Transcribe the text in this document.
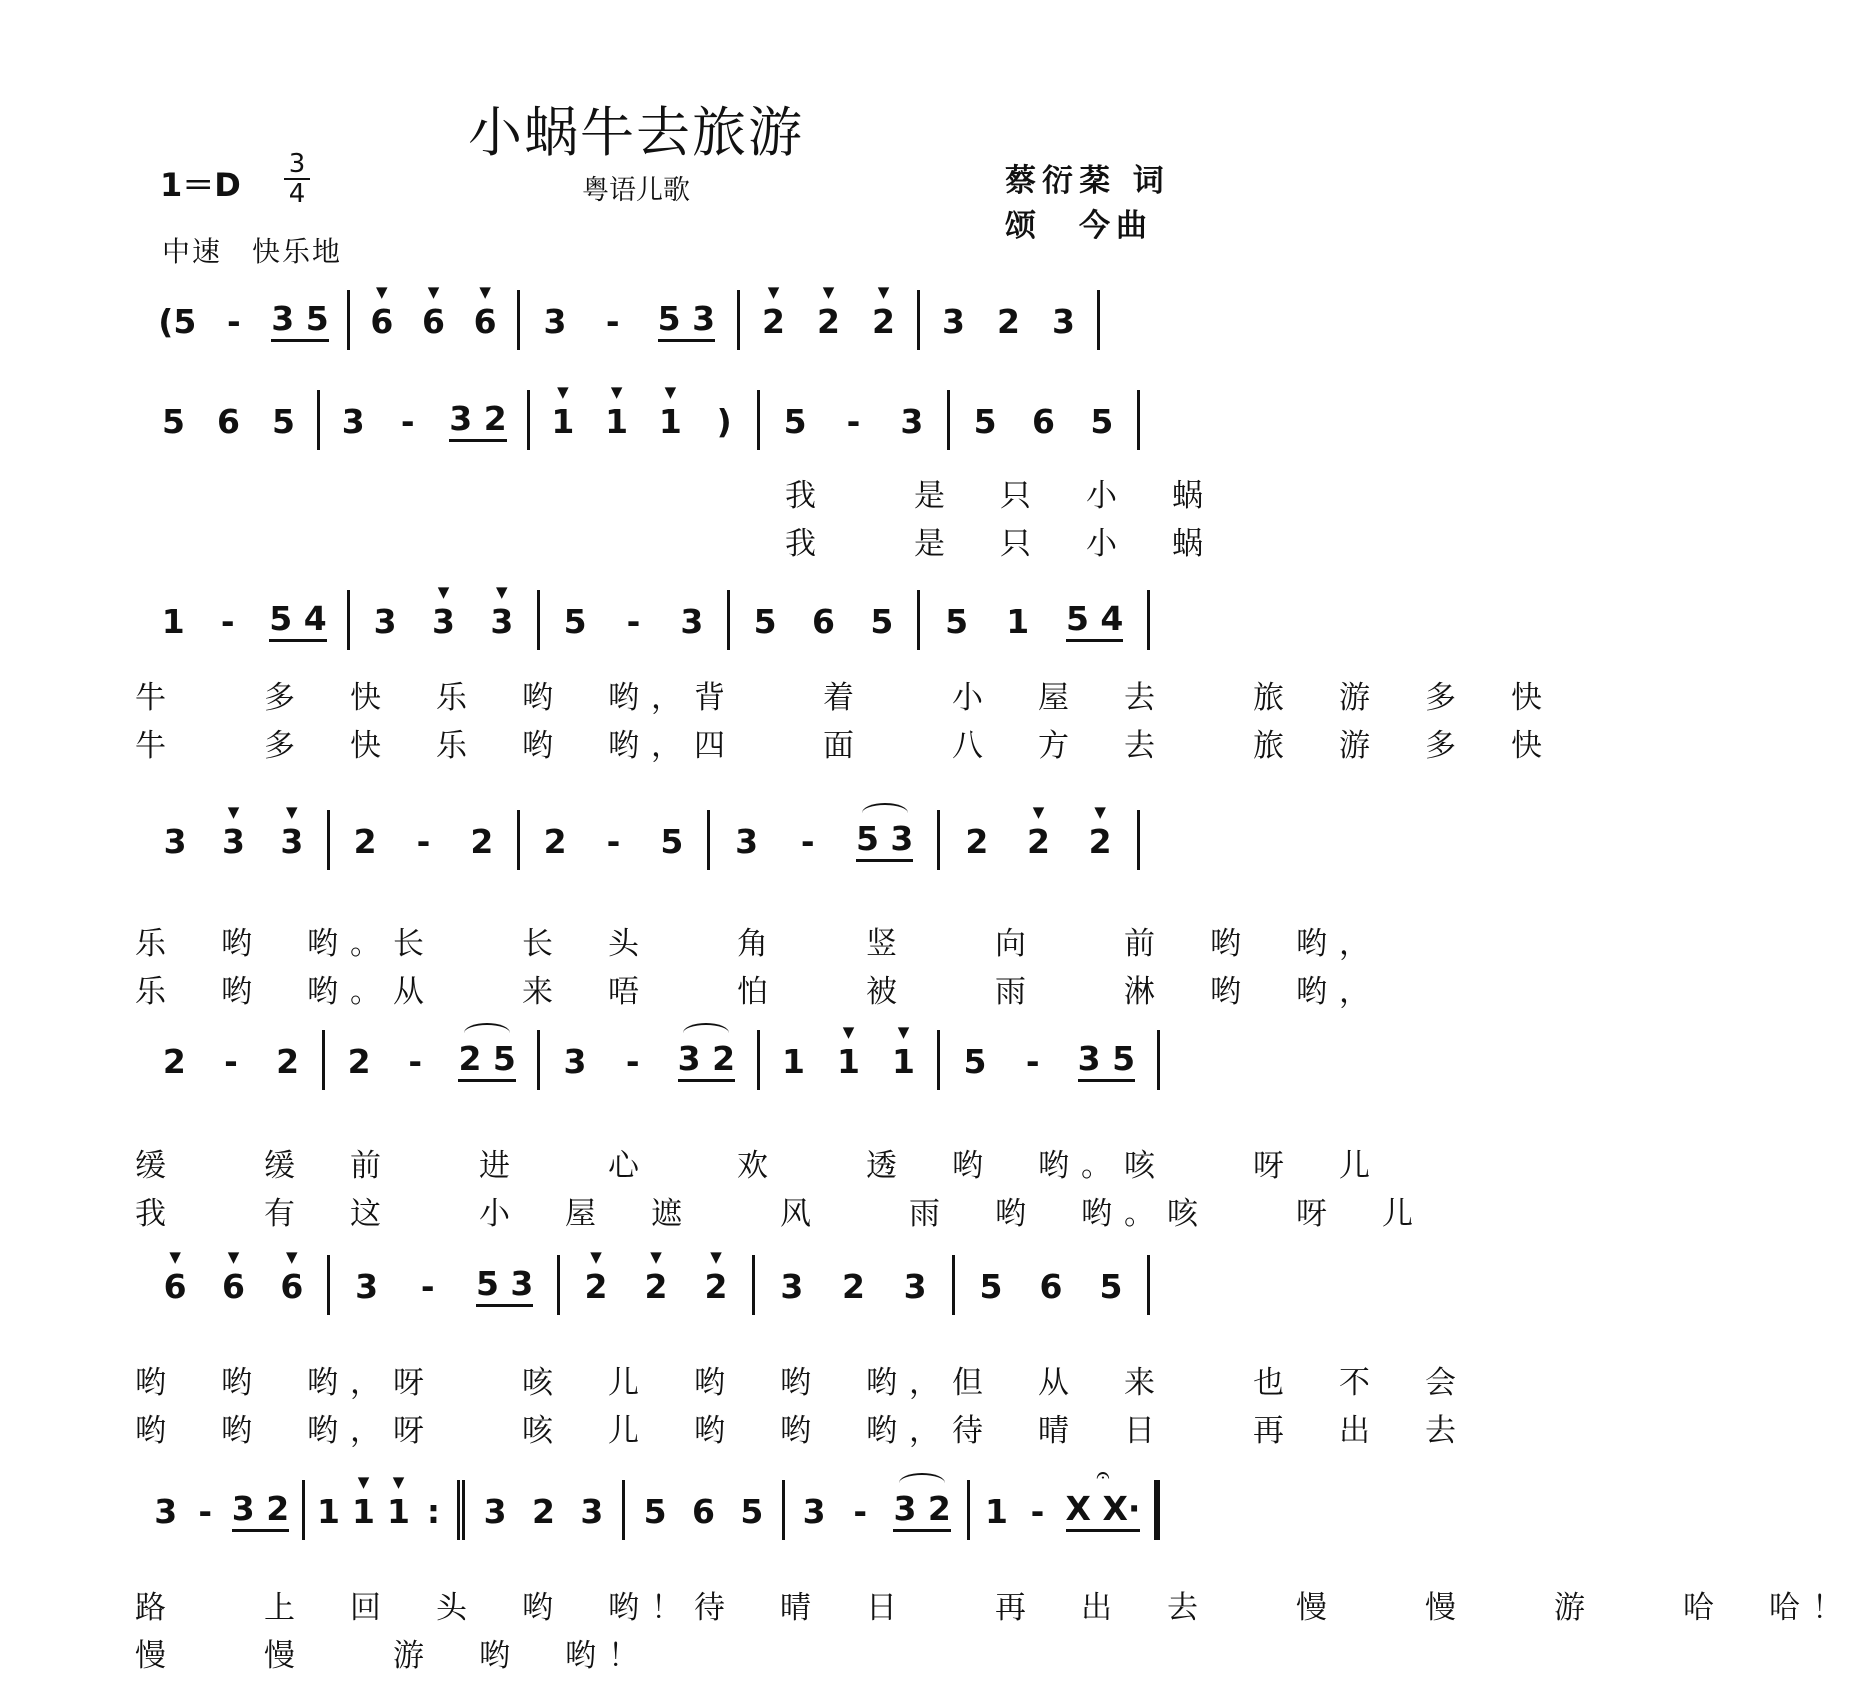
小蜗牛去旅游
粤语儿歌
1＝D
3
4
中速　快乐地
蔡衍棻 词
颂　今曲
(5 - 3 5 ▼ 6 ▼ 6 ▼ 6 3 - 5 3 ▼ 2 ▼ 2 ▼ 2 3 2 3
5 6 5 3 - 3 2 ▼ 1 ▼ 1 ▼ 1 ) 5 - 3 5 6 5
我　　是　只　小　蜗
我　　是　只　小　蜗
1 - 5 4 3 ▼ 3 ▼ 3 5 - 3 5 6 5 5 1 5 4
牛　　多　快　乐　哟　哟，背　　着　　小　屋　去　　旅　游　多　快
牛　　多　快　乐　哟　哟，四　　面　　八　方　去　　旅　游　多　快
3 ▼ 3 ▼ 3 2 - 2 2 - 5 3 - 5 3 2 ▼ 2 ▼ 2
乐　哟　哟。长　　长　头　　角　　竖　　向　　前　哟　哟，
乐　哟　哟。从　　来　唔　　怕　　被　　雨　　淋　哟　哟，
2 - 2 2 - 2 5 3 - 3 2 1 ▼ 1 ▼ 1 5 - 3 5
缓　　缓　前　　进　　心　　欢　　透　哟　哟。咳　　呀　儿
我　　有　这　　小　屋　遮　　风　　雨　哟　哟。咳　　呀　儿
▼ 6 ▼ 6 ▼ 6 3 - 5 3 ▼ 2 ▼ 2 ▼ 2 3 2 3 5 6 5
哟　哟　哟，呀　　咳　儿　哟　哟　哟，但　从　来　　也　不　会
哟　哟　哟，呀　　咳　儿　哟　哟　哟，待　晴　日　　再　出　去
3 - 3 2 1 ▼ 1 ▼ 1 : 3 2 3 5 6 5 3 - 3 2 1 - 𝄐 X X·
路　　上　回　头　哟　哟！待　晴　日　　再　出　去　　慢　　慢　　游　　哈　哈！
慢　　慢　　游　哟　哟！
